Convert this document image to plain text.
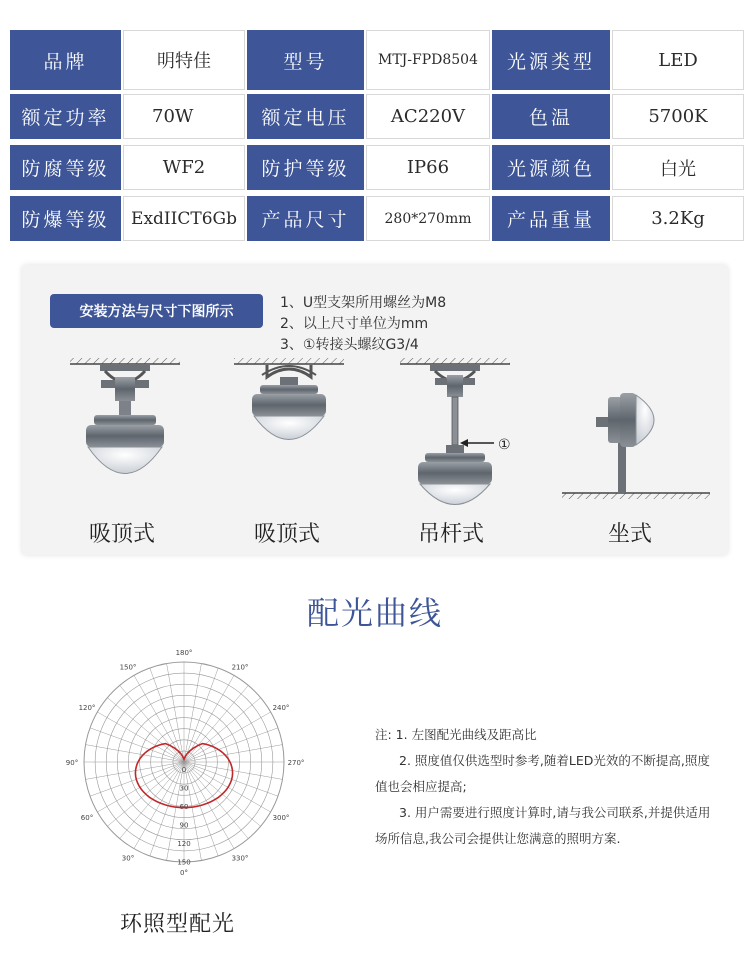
品牌	明特佳	型号	MTJ-FPD8504	光源类型	LED
额定功率	70W	额定电压	AC220V	色温	5700K
防腐等级	WF2	防护等级	IP66	光源颜色	白光
防爆等级	ExdIICT6Gb	产品尺寸	280*270mm	产品重量	3.2Kg
安装方法与尺寸下图所示
1、U型支架所用螺丝为M8
2、以上尺寸单位为mm
3、①转接头螺纹G3/4
①
吸顶式	吸顶式	吊杆式	坐式
配光曲线
180°
150°
120°
90°
60°
30°
0°
330°
300°
270°
240°
210°
0
30
60
90
120
150
环照型配光

注: 1. 左图配光曲线及距高比

2. 照度值仅供选型时参考,随着LED光效的不断提高,照度值也会相应提高;

3. 用户需要进行照度计算时,请与我公司联系,并提供适用场所信息,我公司会提供让您满意的照明方案.
